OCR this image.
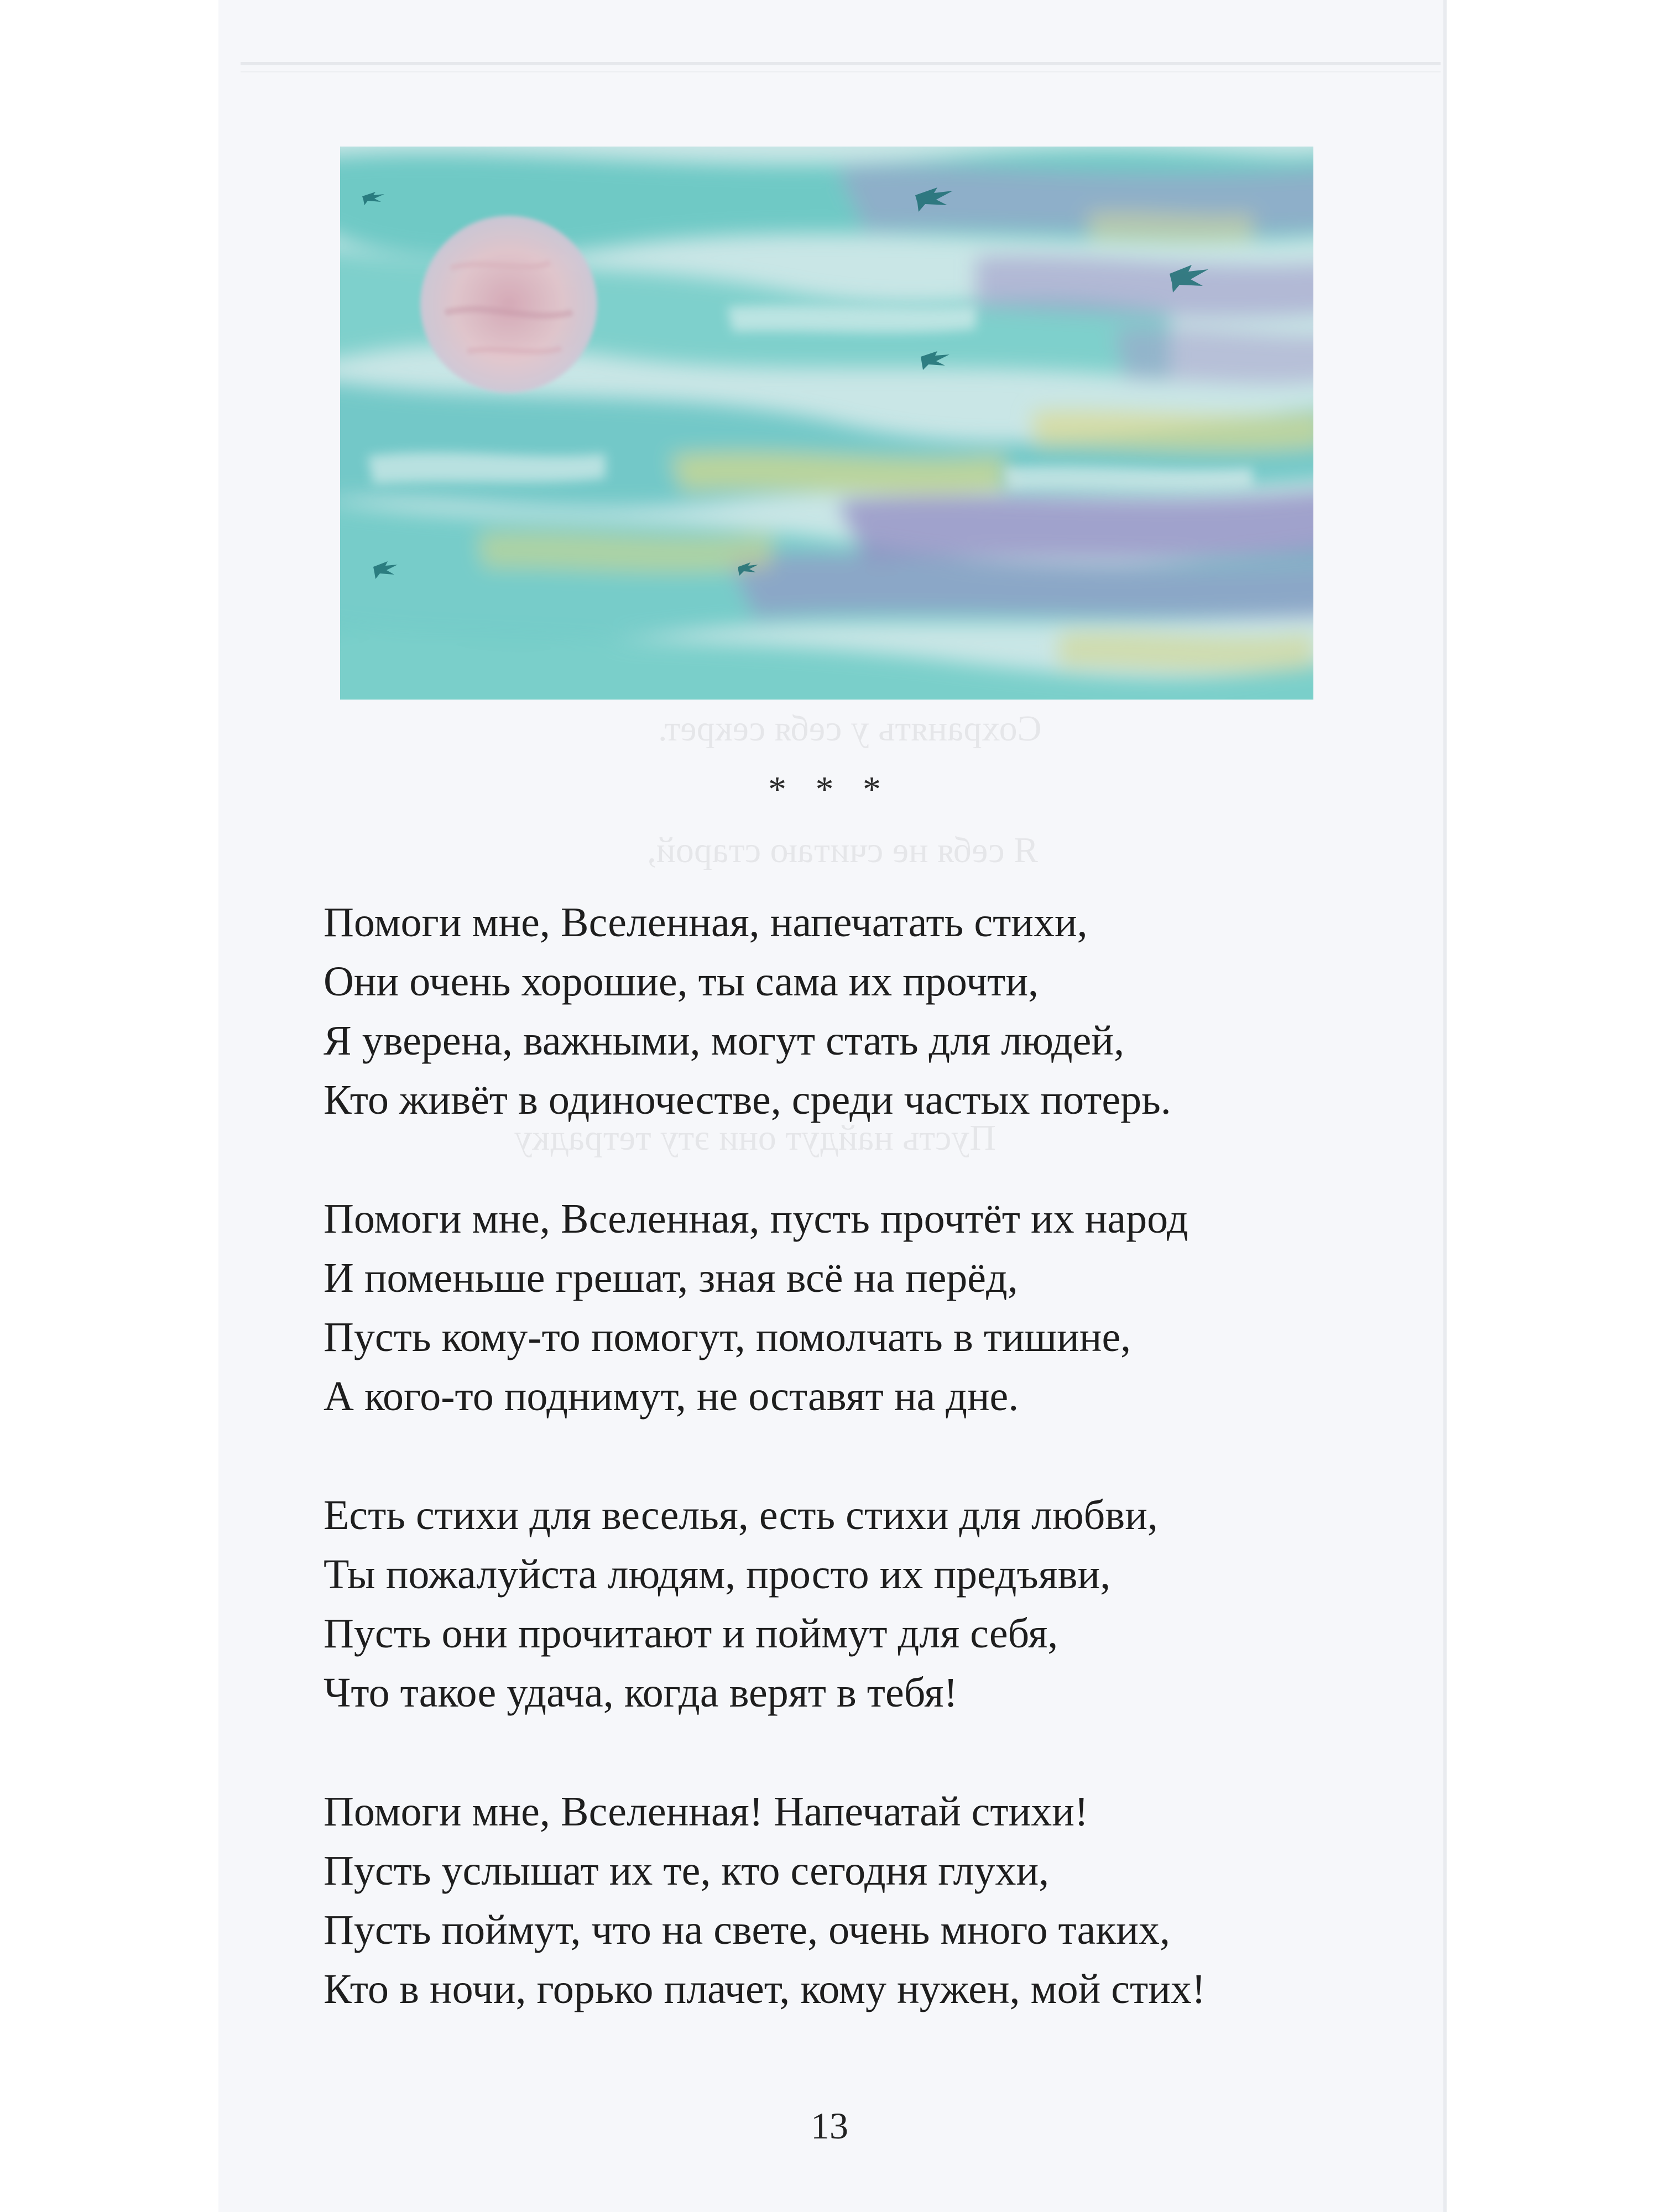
Сохранять у себя секрет.
Я себя не считаю старой,
Пусть найдут они эту тетрадку

* * *

Помоги мне, Вселенная, напечатать стихи,
Они очень хорошие, ты сама их прочти,
Я уверена, важными, могут стать для людей,
Кто живёт в одиночестве, среди частых потерь.
Помоги мне, Вселенная, пусть прочтёт их народ
И поменьше грешат, зная всё на перёд,
Пусть кому-то помогут, помолчать в тишине,
А кого-то поднимут, не оставят на дне.
Есть стихи для веселья, есть стихи для любви,
Ты пожалуйста людям, просто их предъяви,
Пусть они прочитают и поймут для себя,
Что такое удача, когда верят в тебя!
Помоги мне, Вселенная! Напечатай стихи!
Пусть услышат их те, кто сегодня глухи,
Пусть поймут, что на свете, очень много таких,
Кто в ночи, горько плачет, кому нужен, мой стих!
13
